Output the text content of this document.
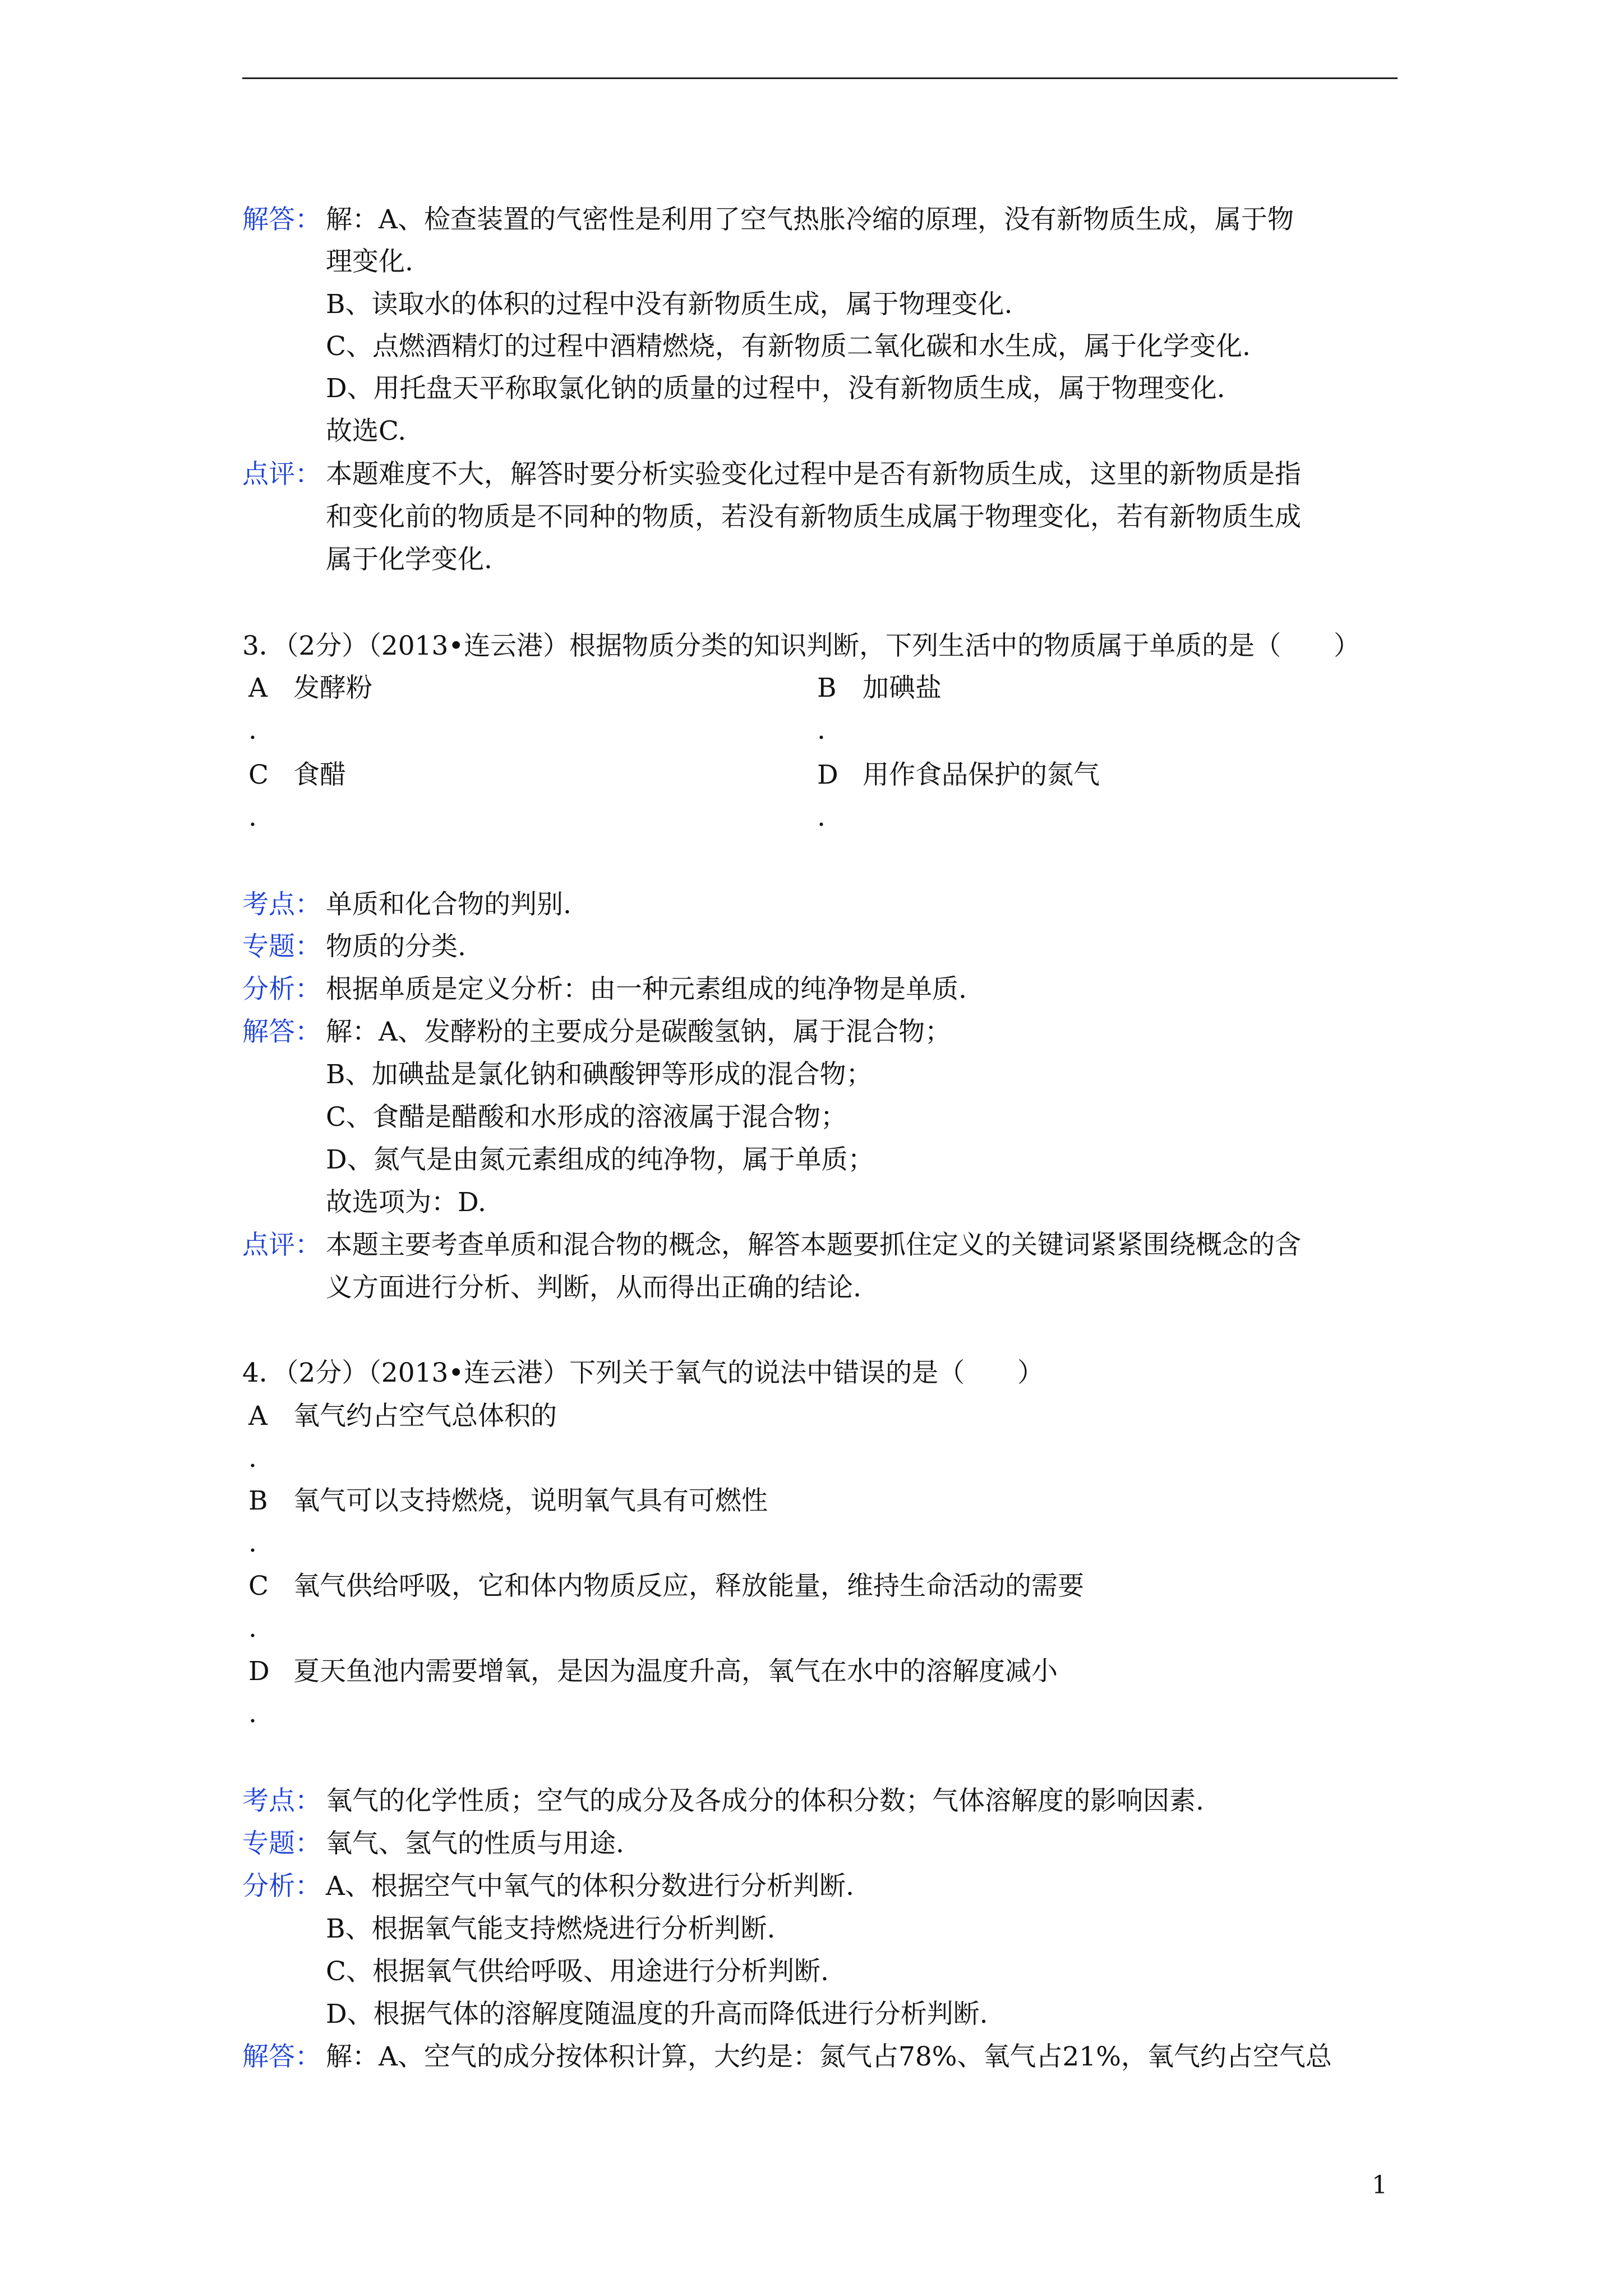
解答： 解：A、检查装置的气密性是利用了空气热胀冷缩的原理，没有新物质生成，属于物
理变化.
B、读取水的体积的过程中没有新物质生成，属于物理变化.
C、点燃酒精灯的过程中酒精燃烧，有新物质二氧化碳和水生成，属于化学变化.
D、用托盘天平称取氯化钠的质量的过程中，没有新物质生成，属于物理变化.
故选C.
点评： 本题难度不大，解答时要分析实验变化过程中是否有新物质生成，这里的新物质是指
和变化前的物质是不同种的物质，若没有新物质生成属于物理变化，若有新物质生成
属于化学变化.
3．（2分）（2013•连云港）根据物质分类的知识判断，下列生活中的物质属于单质的是（　　）
A 发酵粉
.
B 加碘盐
.
C 食醋
.
D 用作食品保护的氮气
.
考点： 单质和化合物的判别.
专题： 物质的分类.
分析： 根据单质是定义分析：由一种元素组成的纯净物是单质.
解答： 解：A、发酵粉的主要成分是碳酸氢钠，属于混合物；
B、加碘盐是氯化钠和碘酸钾等形成的混合物；
C、食醋是醋酸和水形成的溶液属于混合物；
D、氮气是由氮元素组成的纯净物，属于单质；
故选项为：D.
点评： 本题主要考查单质和混合物的概念，解答本题要抓住定义的关键词紧紧围绕概念的含
义方面进行分析、判断，从而得出正确的结论.
4．（2分）（2013•连云港）下列关于氧气的说法中错误的是（　　）
A 氧气约占空气总体积的
.
B 氧气可以支持燃烧，说明氧气具有可燃性
.
C 氧气供给呼吸，它和体内物质反应，释放能量，维持生命活动的需要
.
D 夏天鱼池内需要增氧，是因为温度升高，氧气在水中的溶解度减小
.
考点： 氧气的化学性质；空气的成分及各成分的体积分数；气体溶解度的影响因素.
专题： 氧气、氢气的性质与用途.
分析： A、根据空气中氧气的体积分数进行分析判断.
B、根据氧气能支持燃烧进行分析判断.
C、根据氧气供给呼吸、用途进行分析判断.
D、根据气体的溶解度随温度的升高而降低进行分析判断.
解答： 解：A、空气的成分按体积计算，大约是：氮气占78%、氧气占21%，氧气约占空气总
1
